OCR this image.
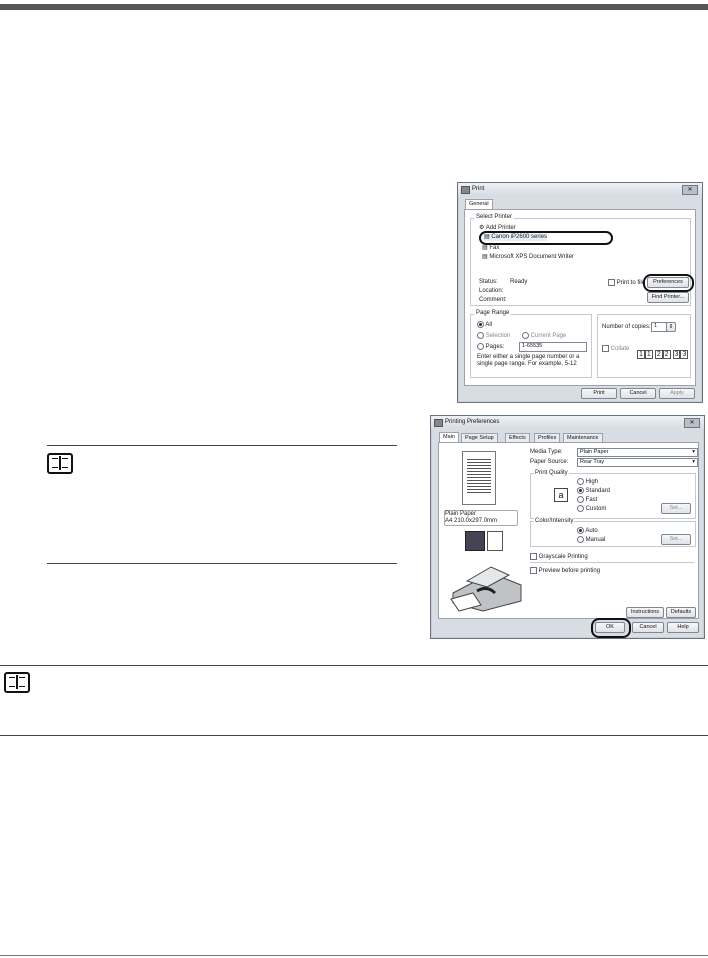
Print	✕
General
Select Printer
⚙ Add Printer
▤ Canon iP2600 series
▤ Fax
▤ Microsoft XPS Document Writer
Status: Ready
Location:
Comment:
Print to file	Preferences
Find Printer...
Page Range
All
Selection	Current Page
Pages:	1-65535
Enter either a single page number or a single page range. For example, 5-12
Number of copies: 1	⇕
Collate
1 1 2 2 3 3
Print	Cancel	Apply
Printing Preferences	✕
Main	Page Setup	Effects	Profiles	Maintenance
Plain Paper
A4 210.0x297.0mm
Media Type:	Plain Paper	▾
Paper Source:	Rear Tray	▾
Print Quality
a
High
Standard
Fast
Custom	Set...
Color/Intensity
Auto
Manual	Set...
Grayscale Printing
Preview before printing
Instructions	Defaults
OK	Cancel	Help
